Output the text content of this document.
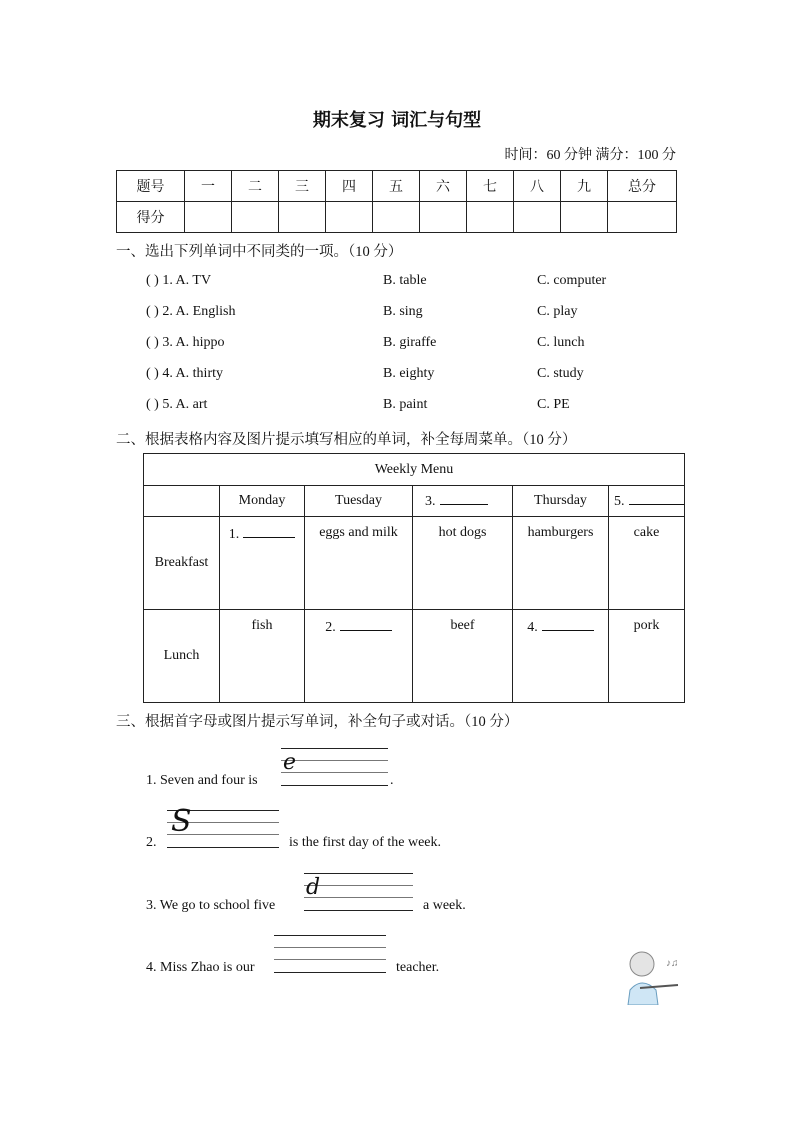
期末复习 词汇与句型
时间：60 分钟 满分：100 分
题号	一	二	三	四	五	六	七	八	九	总分
得分										
一、选出下列单词中不同类的一项。（10 分）
二、根据表格内容及图片提示填写相应的单词，补全每周菜单。（10 分）
Weekly Menu					
	Monday	Tuesday	3.	Thursday	5.
Breakfast	1.	eggs and milk	hot dogs	hamburgers	cake

Lunch	fish	2.	beef	4.	pork
三、根据首字母或图片提示写单词，补全句子或对话。（10 分）
♪♫
( ) 1. A. TV	B. table	C. computer
( ) 2. A. English	B. sing	C. play
( ) 3. A. hippo	B. giraffe	C. lunch
( ) 4. A. thirty	B. eighty	C. study
( ) 5. A. art	B. paint	C. PE
1. Seven and four is
e
.
2.
S
is the first day of the week.
3. We go to school five
d
a week.
4. Miss Zhao is our	teacher.
